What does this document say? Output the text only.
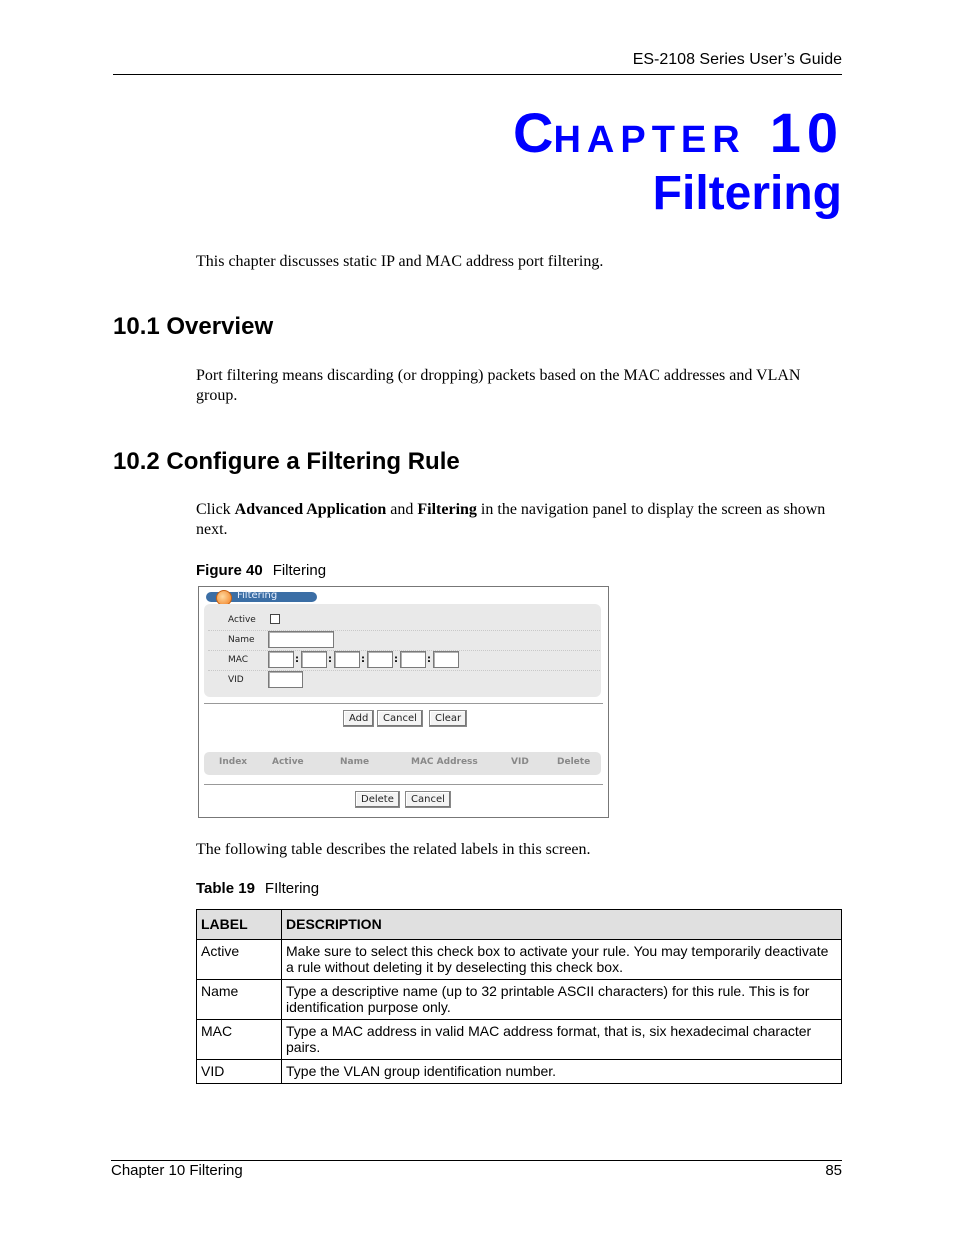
ES-2108 Series User’s Guide
CHAPTER 10
Filtering
This chapter discusses static IP and MAC address port filtering.
10.1 Overview
Port filtering means discarding (or dropping) packets based on the MAC addresses and VLAN group.
10.2 Configure a Filtering Rule
Click Advanced Application and Filtering in the navigation panel to display the screen as shown next.
Figure 40 Filtering
Filtering
Active
Name
MAC	:	:	:	:	:
VID
Add	Cancel	Clear
Index	Active	Name	MAC Address	VID	Delete
Delete	Cancel
The following table describes the related labels in this screen.
Table 19 FIltering
LABEL	DESCRIPTION
Active	Make sure to select this check box to activate your rule. You may temporarily deactivate a rule without deleting it by deselecting this check box.
Name	Type a descriptive name (up to 32 printable ASCII characters) for this rule. This is for identification purpose only.
MAC	Type a MAC address in valid MAC address format, that is, six hexadecimal character pairs.
VID	Type the VLAN group identification number.
Chapter 10 Filtering	85
